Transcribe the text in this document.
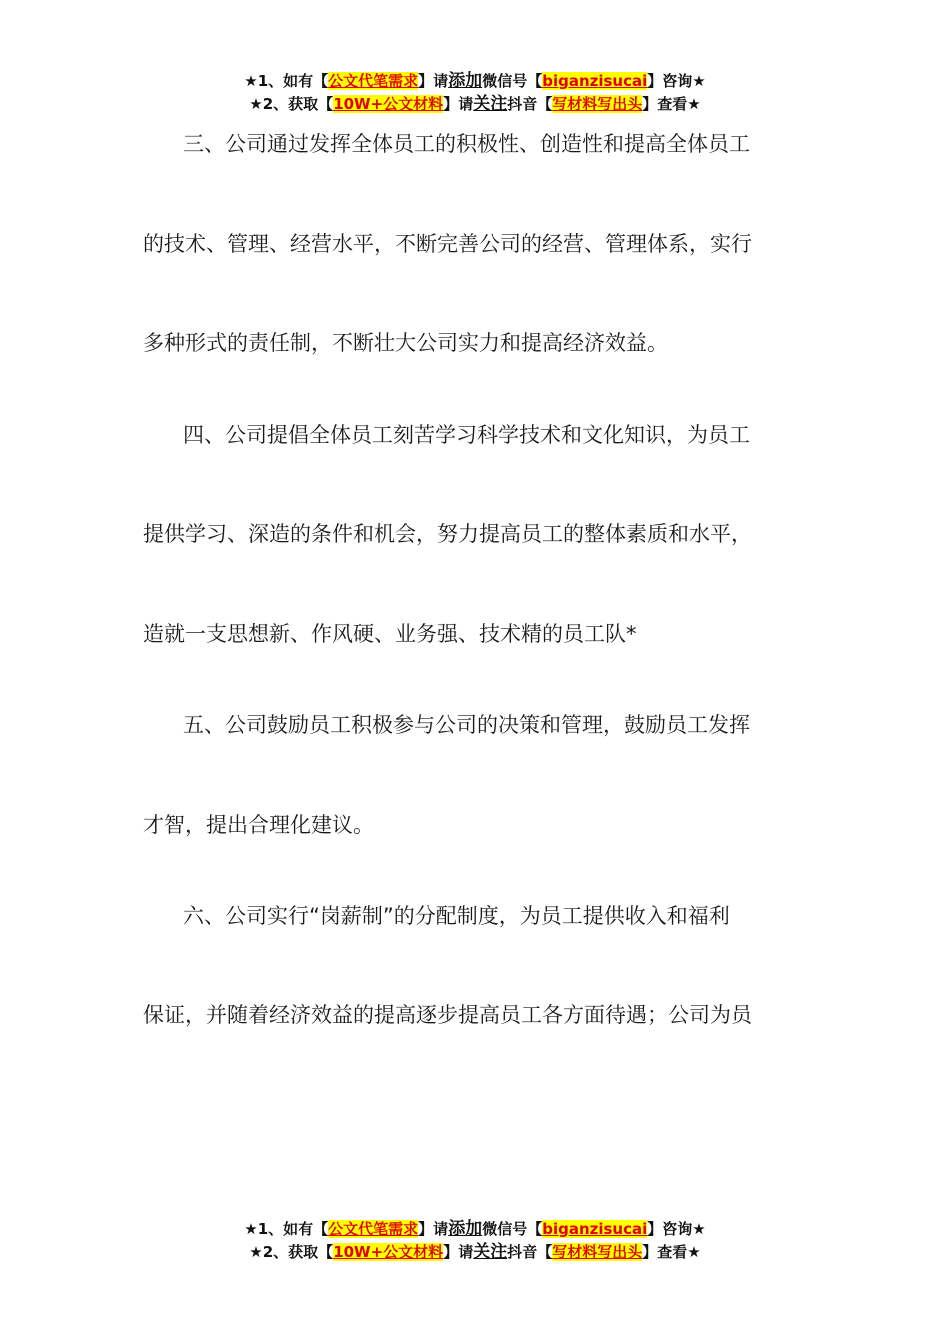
★1、如有【公文代笔需求】请添加微信号【biganzisucai】咨询★
★2、获取【10W+公文材料】请关注抖音【写材料写出头】查看★
三、公司通过发挥全体员工的积极性、创造性和提高全体员工
的技术、管理、经营水平，不断完善公司的经营、管理体系，实行
多种形式的责任制，不断壮大公司实力和提高经济效益。
四、公司提倡全体员工刻苦学习科学技术和文化知识，为员工
提供学习、深造的条件和机会，努力提高员工的整体素质和水平，
造就一支思想新、作风硬、业务强、技术精的员工队*
五、公司鼓励员工积极参与公司的决策和管理，鼓励员工发挥
才智，提出合理化建议。
六、公司实行“岗薪制”的分配制度，为员工提供收入和福利
保证，并随着经济效益的提高逐步提高员工各方面待遇；公司为员
★1、如有【公文代笔需求】请添加微信号【biganzisucai】咨询★
★2、获取【10W+公文材料】请关注抖音【写材料写出头】查看★
